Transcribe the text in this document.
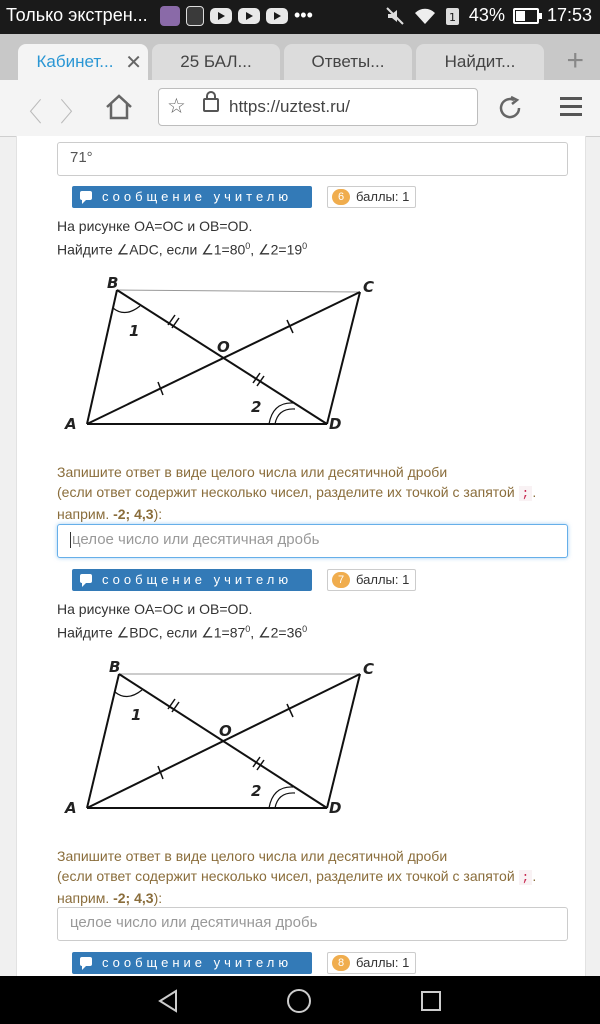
Только экстрен...	•••	1 43% 17:53
Кабинет... ✕	25 БАЛ...	Ответы...	Найдит...	+
〈 〉	☆	https://uztest.ru/
71°
сообщение учителю	6 баллы: 1
На рисунке OA=OC и OB=OD.
Найдите ∠ADC, если $\angle 1=80^0$, $\angle 2=19^0$
B	C
A	D
O
1
2
Запишите ответ в виде целого числа или десятичной дроби
(если ответ содержит несколько чисел, разделите их точкой с запятой ; .
наприм. -2; 4,3):
целое число или десятичная дробь
сообщение учителю	7 баллы: 1
На рисунке OA=OC и OB=OD.
Найдите ∠BDC, если $\angle 1=87^0$, $\angle 2=36^0$
B	C
A	D
O
1
2
Запишите ответ в виде целого числа или десятичной дроби
(если ответ содержит несколько чисел, разделите их точкой с запятой ; .
наприм. -2; 4,3):
целое число или десятичная дробь
сообщение учителю	8 баллы: 1
